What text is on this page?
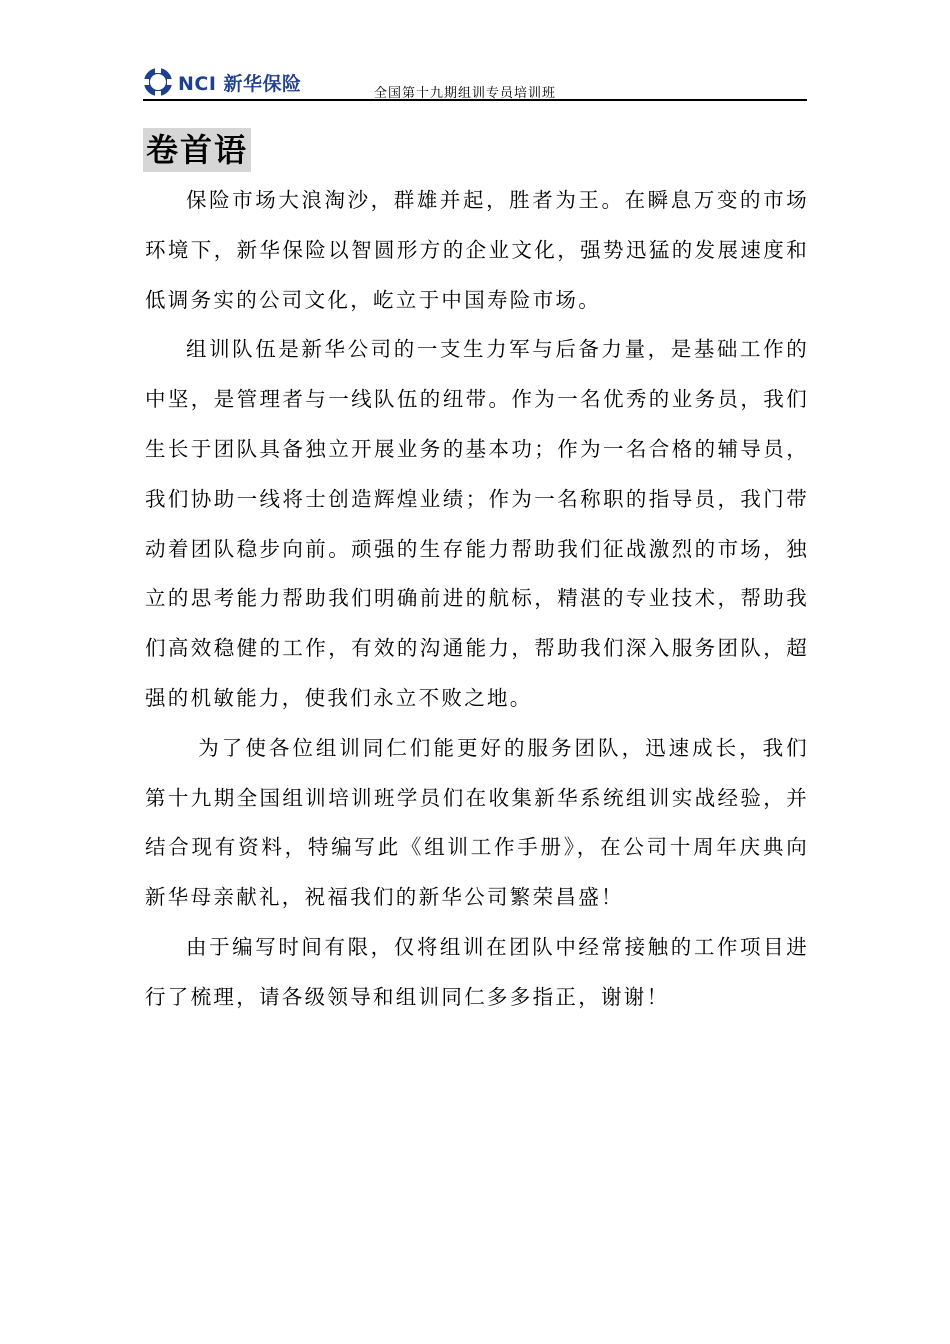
NCI 新华保险	全国第十九期组训专员培训班
卷首语

保险市场大浪淘沙，群雄并起，胜者为王。在瞬息万变的市场环境下，新华保险以智圆形方的企业文化，强势迅猛的发展速度和低调务实的公司文化，屹立于中国寿险市场。

组训队伍是新华公司的一支生力军与后备力量，是基础工作的中坚，是管理者与一线队伍的纽带。作为一名优秀的业务员，我们生长于团队具备独立开展业务的基本功；作为一名合格的辅导员，我们协助一线将士创造辉煌业绩；作为一名称职的指导员，我门带动着团队稳步向前。顽强的生存能力帮助我们征战激烈的市场，独立的思考能力帮助我们明确前进的航标，精湛的专业技术，帮助我们高效稳健的工作，有效的沟通能力，帮助我们深入服务团队，超强的机敏能力，使我们永立不败之地。

为了使各位组训同仁们能更好的服务团队，迅速成长，我们第十九期全国组训培训班学员们在收集新华系统组训实战经验，并结合现有资料，特编写此《组训工作手册》，在公司十周年庆典向新华母亲献礼，祝福我们的新华公司繁荣昌盛！

由于编写时间有限，仅将组训在团队中经常接触的工作项目进行了梳理，请各级领导和组训同仁多多指正，谢谢！
